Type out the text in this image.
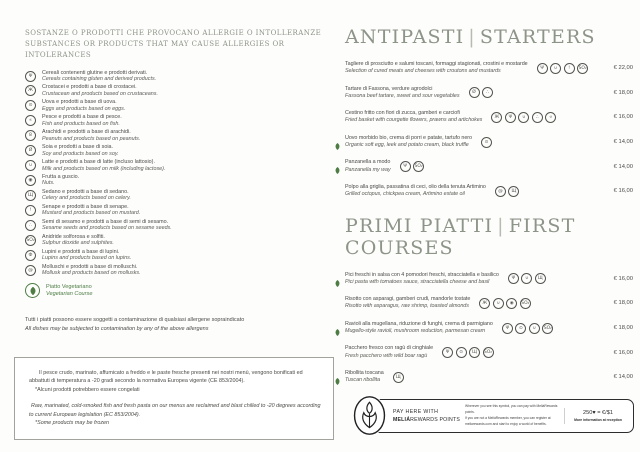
SOSTANZE O PRODOTTI CHE PROVOCANO ALLERGIE O INTOLLERANZE
SUBSTANCES OR PRODUCTS THAT MAY CAUSE ALLERGIES OR INTOLERANCES
Ψ
Cereali contenenti glutine e prodotti derivati.
Cereals containing gluten and derived products.
Ж
Crostacei e prodotti a base di crostacei.
Crustacean and products based on crustaceans.
⊙
Uova e prodotti a base di uova.
Eggs and products based on eggs.
∝
Pesce e prodotti a base di pesce.
Fish and products based on fish.
8
Arachidi e prodotti a base di arachidi.
Peanuts and products based on peanuts.
Ø
Soia e prodotti a base di soia.
Soy and products based on soy.
∪
Latte e prodotti a base di latte (incluso lattosio).
Milk and products based on milk (including lactose).
◉
Frutta a guscio.
Nuts.
Щ
Sedano e prodotti a base di sedano.
Celery and products based on celery.
!
Senape e prodotti a base di senape.
Mustard and products based on mustard.
∴
Semi di sesamo e prodotti a base di semi di sesamo.
Sesame seeds and products based on sesame seeds.
SO₂
Anidride solforosa e solfiti.
Sulphur dioxide and sulphites.
Ф
Lupini e prodotti a base di lupini.
Lupins and products based on lupins.
@
Molluschi e prodotti a base di molluschi.
Mollusk and products based on mollusks.
Piatto Vegetariano
Vegetarian Course
Tutti i piatti possono essere soggetti a contaminazione di qualsiasi allergene sopraindicato
All dishes may be subjected to contamination by any of the above allergens
Il pesce crudo, marinato, affumicato a freddo e le paste fresche presenti nei nostri menù, vengono bonificati ed abbattuti di temperatura a -20 gradi secondo la normativa Europea vigente (CE 853/2004).
*Alcuni prodotti potrebbero essere congelati
Raw, marinated, cold-smoked fish and fresh pasta on our menus are reclaimed and blast chilled to -20 degrees according to current European legislation (EC 853/2004).
*Some products may be frozen
ANTIPASTI | STARTERS
Tagliere di prosciutto e salumi toscani, formaggi stagionati, crostini e mostarde
Selection of cured meats and cheeses with croutons and mustards	Ψ	∪	!	SO₂	€ 22,00
Tartare di Fassona, verdure agrodolci
Fassona beef tartare, sweet and sour vegetables	Ø	∴	€ 18,00
Cestino fritto con fiori di zucca, gamberi e carciofi
Fried basket with courgette flowers, prawns and artichokes	Ж	Ψ	∪	∴	∝	€ 16,00
Uovo morbido bio, crema di porri e patate, tartufo nero
Organic soft egg, leek and potato cream, black truffle	⊙	€ 14,00
Panzanella a modo
Panzanella my way	Ψ	SO₂	€ 14,00
Polpo alla griglia, passatina di ceci, olio della tenuta Artimino
Grilled octopus, chickpea cream, Artimino estate oil	@	Щ	€ 16,00
PRIMI PIATTI | FIRST COURSES
Pici freschi in salsa con 4 pomodori freschi, stracciatella e basilico
Pici pasta with tomatoes sauce, stracciatella cheese and basil	Ψ	∪	Щ	€ 16,00
Risotto con asparagi, gamberi crudi, mandorle tostate
Risotto with asparagus, raw shrimp, toasted almonds	Ж	∪	◉	SO₂	€ 18,00
Ravioli alla mugellana, riduzione di funghi, crema di parmigiano
Mugello-style ravioli, mushroom reduction, parmesan cream	Ψ	⊙	∪	SO₂	€ 18,00
Pacchero fresco con ragù di cinghiale
Fresh pacchero with wild boar ragù	Ψ	⊙	Щ	SO₂	€ 16,00
Ribollita toscana
Tuscan ribollita	Щ	€ 14,00
PAY HERE WITH
MELIÁREWARDS POINTS
Wherever you see this symbol, you can pay with MeliáRewards points.
If you are not a MeliáRewards member, you can register at
meliarewards.com and start to enjoy a world of benefits.
250♥ = €/$1
More information at reception
